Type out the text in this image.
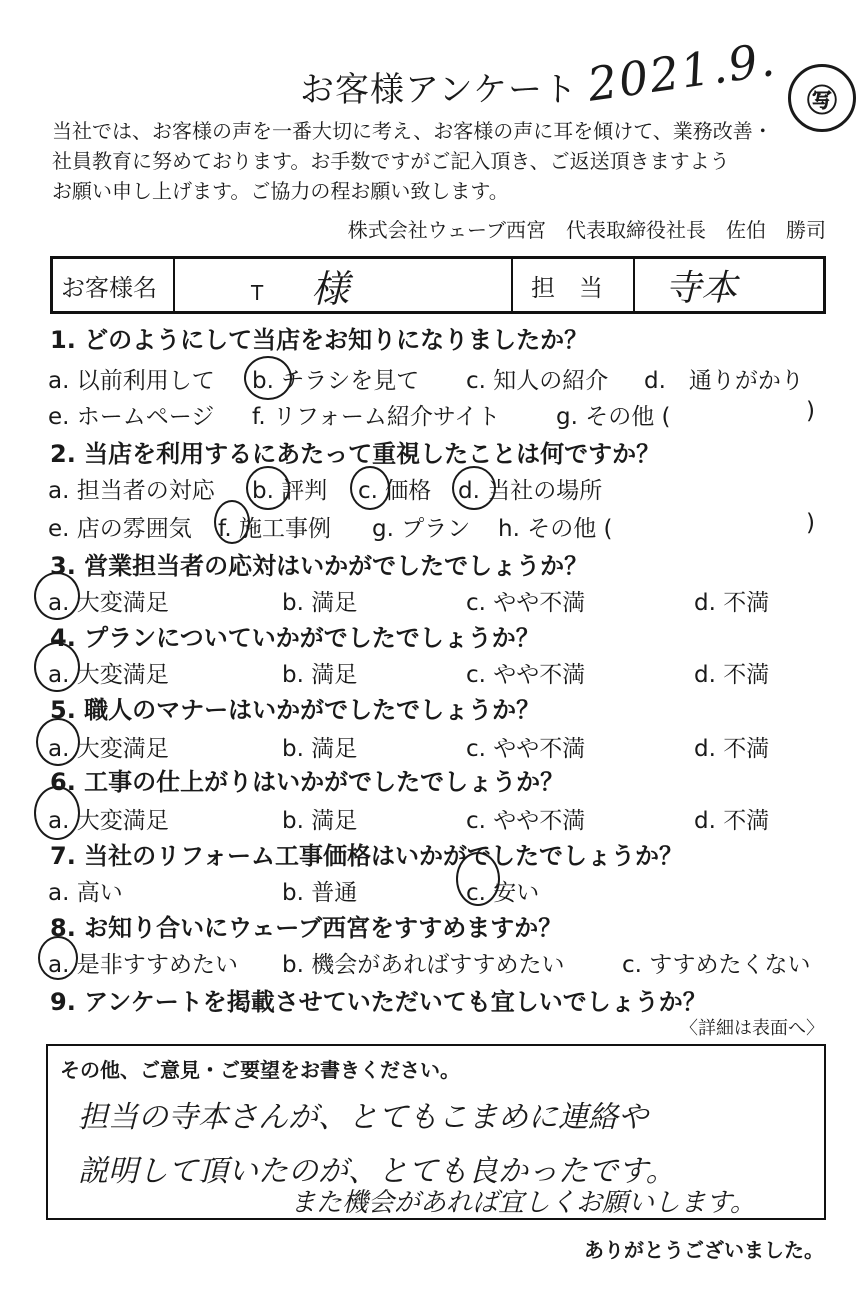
お客様アンケート 2021.9. ㊢
当社では、お客様の声を一番大切に考え、お客様の声に耳を傾けて、業務改善・
社員教育に努めております。お手数ですがご記入頂き、ご返送頂きますよう
お願い申し上げます。ご協力の程お願い致します。
株式会社ウェーブ西宮　代表取締役社長　佐伯　勝司
お客様名	T 様	担　当 寺本
1. どのようにして当店をお知りになりましたか？
a. 以前利用して b. チラシを見て c. 知人の紹介 d.　通りがかり
e. ホームページ f. リフォーム紹介サイト g. その他 (	)
2. 当店を利用するにあたって重視したことは何ですか？
a. 担当者の対応 b. 評判 c. 価格 d. 当社の場所
e. 店の雰囲気 f. 施工事例 g. プラン h. その他 (	)
3. 営業担当者の応対はいかがでしたでしょうか？
a. 大変満足	b. 満足	c. やや不満	d. 不満
4. プランについていかがでしたでしょうか？
a. 大変満足	b. 満足	c. やや不満	d. 不満
5. 職人のマナーはいかがでしたでしょうか？
a. 大変満足	b. 満足	c. やや不満	d. 不満
6. 工事の仕上がりはいかがでしたでしょうか？
a. 大変満足	b. 満足	c. やや不満	d. 不満
7. 当社のリフォーム工事価格はいかがでしたでしょうか？
a. 高い	b. 普通	c. 安い
8. お知り合いにウェーブ西宮をすすめますか？
a. 是非すすめたい b. 機会があればすすめたい	c. すすめたくない
9. アンケートを掲載させていただいても宜しいでしょうか？
〈詳細は表面へ〉
その他、ご意見・ご要望をお書きください。
担当の寺本さんが、とてもこまめに連絡や
説明して頂いたのが、とても良かったです。
また機会があれば宜しくお願いします。
ありがとうございました。
